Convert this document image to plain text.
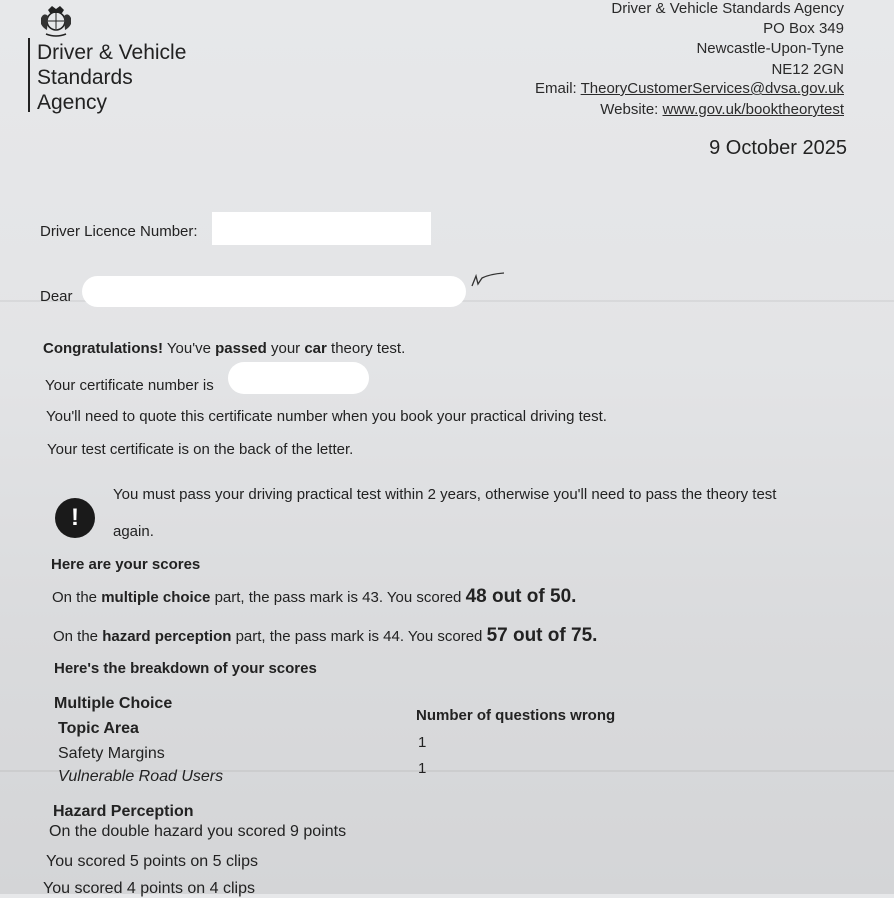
Driver & Vehicle
Standards
Agency
Driver & Vehicle Standards Agency
PO Box 349
Newcastle-Upon-Tyne
NE12 2GN
Email: TheoryCustomerServices@dvsa.gov.uk
Website: www.gov.uk/booktheorytest
9 October 2025
Driver Licence Number:
Dear
Congratulations! You've passed your car theory test.
Your certificate number is
You'll need to quote this certificate number when you book your practical driving test.
Your test certificate is on the back of the letter.
!
You must pass your driving practical test within 2 years, otherwise you'll need to pass the theory test
again.
Here are your scores
On the multiple choice part, the pass mark is 43. You scored 48 out of 50.
On the hazard perception part, the pass mark is 44. You scored 57 out of 75.
Here's the breakdown of your scores
Multiple Choice
Topic Area
Number of questions wrong
Safety Margins
1
Vulnerable Road Users	1
Hazard Perception
On the double hazard you scored 9 points
You scored 5 points on 5 clips
You scored 4 points on 4 clips
